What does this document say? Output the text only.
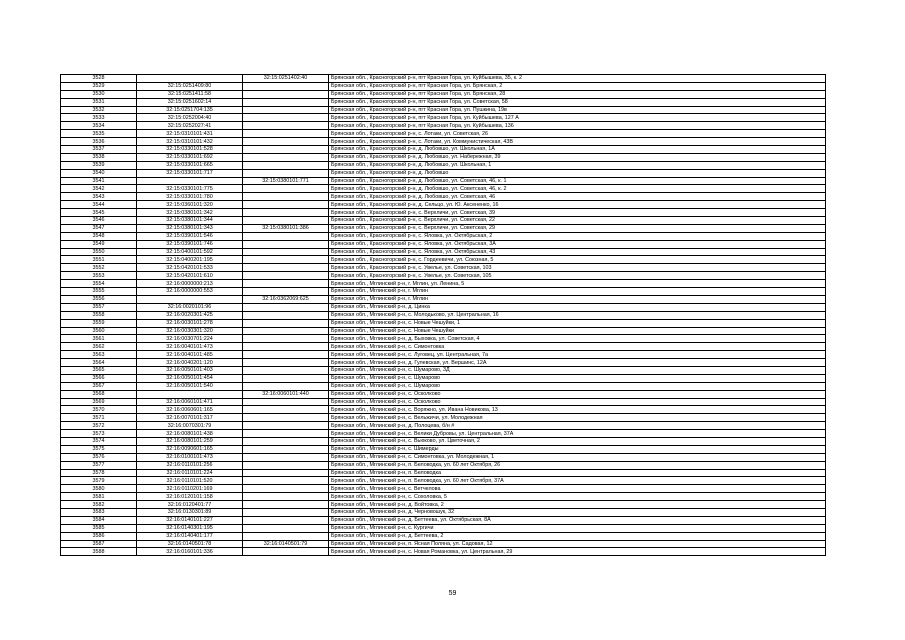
3528		32:15:0251402:40	Брянская обл., Красногорский р-н, пгт Красная Гора, ул. Куйбышева, 35, к. 2
3529	32:15:0251409:80		Брянская обл., Красногорский р-н, пгт Красная Гора, ул. Брянская, 2
3530	32:15:0251411:58		Брянская обл., Красногорский р-н, пгт Красная Гора, ул. Брянская, 28
3531	32:15:0251602:14		Брянская обл., Красногорский р-н, пгт Красная Гора, ул. Советская, 58
3532	32:15:0251704:135		Брянская обл., Красногорский р-н, пгт Красная Гора, ул. Пушкина, 19в
3533	32:15:0252004:40		Брянская обл., Красногорский р-н, пгт Красная Гора, ул. Куйбышева, 127 А
3534	32:15:0252027:41		Брянская обл., Красногорский р-н, пгт Красная Гора, ул. Куйбышева, 136
3535	32:15:0310101:431		Брянская обл., Красногорский р-н, с. Лотаки, ул. Советская, 26
3536	32:15:0310101:432		Брянская обл., Красногорский р-н, с. Лотаки, ул. Коммунистическая, 43В
3537	32:15:0330101:528		Брянская обл., Красногорский р-н, д. Любовшо, ул. Школьная, 1А
3538	32:15:0330101:692		Брянская обл., Красногорский р-н, д. Любовшо, ул. Набережная, 39
3539	32:15:0330101:665		Брянская обл., Красногорский р-н, д. Любовшо, ул. Школьная, 1
3540	32:15:0330101:717		Брянская обл., Красногорский р-н, д. Любовшо
3541		32:15:0380101:771	Брянская обл., Красногорский р-н, д. Любовшо, ул. Советская, 46, к. 1
3542	32:15:0330101:775		Брянская обл., Красногорский р-н, д. Любовшо, ул. Советская, 46, к. 2
3543	32:15:0330101:780		Брянская обл., Красногорский р-н, д. Любовшо, ул. Советская, 46
3544	32:15:0360101:320		Брянская обл., Красногорский р-н, д. Сельцо, ул. Ю. Аксененко, 16
3545	32:15:0380101:342		Брянская обл., Красногорский р-н, с. Верхличи, ул. Советская, 39
3546	32:15:0380101:344		Брянская обл., Красногорский р-н, с. Верхличи, ул. Советская, 22
3547	32:15:0380101:343	32:15:0380101:386	Брянская обл., Красногорский р-н, с. Верхличи, ул. Советская, 29
3548	32:15:0390101:546		Брянская обл., Красногорский р-н, с. Яловка, ул. Октябрьская, 2
3549	32:15:0390101:746		Брянская обл., Красногорский р-н, с. Яловка, ул. Октябрьская, 3А
3550	32:15:0400101:592		Брянская обл., Красногорский р-н, с. Яловка, ул. Октябрьская, 43
3551	32:15:0400201:195		Брянская обл., Красногорский р-н, с. Гордеевичи, ул. Союзная, 5
3552	32:15:0420101:533		Брянская обл., Красногорский р-н, с. Увелье, ул. Советская, 103
3553	32:15:0420101:610		Брянская обл., Красногорский р-н, с. Увелье, ул. Советская, 105
3554	32:16:0000000:213		Брянская обл., Мглинский р-н, г. Мглин, ул. Ленина, 5
3555	32:16:0000000:553		Брянская обл., Мглинский р-н, г. Мглин
3556		32:16:0362069:625	Брянская обл., Мглинский р-н, г. Мглин
3557	32:16:0020101:96		Брянская обл., Мглинский р-н, д. Цинка
3558	32:16:0020301:425		Брянская обл., Мглинский р-н, с. Молодьково, ул. Центральная, 16
3559	32:16:0030101:278		Брянская обл., Мглинский р-н, с. Новые Чешуйки, 1
3560	32:16:0030301:320		Брянская обл., Мглинский р-н, с. Новые Чешуйки
3561	32:16:0030701:224		Брянская обл., Мглинский р-н, д. Быховка, ул. Советская, 4
3562	32:16:0040101:473		Брянская обл., Мглинский р-н, с. Симонтовка
3563	32:16:0040101:485		Брянская обл., Мглинский р-н, с. Луговец, ул. Центральная, 7а
3564	32:16:0040201:120		Брянская обл., Мглинский р-н, д. Гулевская, ул. Вершинс, 12А
3565	32:16:0050101:403		Брянская обл., Мглинский р-н, с. Шумарово, 3Д
3566	32:16:0050101:454		Брянская обл., Мглинский р-н, с. Шумарово
3567	32:16:0050101:540		Брянская обл., Мглинский р-н, с. Шумарово
3568		32:16:0060101:440	Брянская обл., Мглинский р-н, с. Осколково
3569	32:16:0060101:471		Брянская обл., Мглинский р-н, с. Осколково
3570	32:16:0060601:165		Брянская обл., Мглинский р-н, с. Воряжно, ул. Ивана Новикова, 13
3571	32:16:0070101:317		Брянская обл., Мглинский р-н, с. Вельжичи, ул. Молодежная
3572	32:16:0070301:79		Брянская обл., Мглинский р-н, д. Полоцева, б/н #
3573	32:16:0080101:438		Брянская обл., Мглинский р-н, с. Велики Дубровы, ул. Центральная, 37А
3574	32:16:0080101:259		Брянская обл., Мглинский р-н, с. Вьюково, ул. Цветочная, 2
3575	32:16:0090601:165		Брянская обл., Мглинский р-н, с. Шимерды
3576	32:16:0100101:473		Брянская обл., Мглинский р-н, с. Симонтовка, ул. Молодежная, 1
3577	32:16:0110101:256		Брянская обл., Мглинский р-н, п. Беловодка, ул. 60 лет Октября, 26
3578	32:16:0110101:224		Брянская обл., Мглинский р-н, п. Беловодка
3579	32:16:0110101:520		Брянская обл., Мглинский р-н, п. Беловодка, ул. 60 лет Октября, 37А
3580	32:16:0110201:169		Брянская обл., Мглинский р-н, с. Ветчелова
3581	32:16:0120101:158		Брянская обл., Мглинский р-н, с. Сохоловка, 5
3582	32:16:0120401:77		Брянская обл., Мглинский р-н, д. Войтовка, 2
3583	32:16:0130301:89		Брянская обл., Мглинский р-н, д. Черновошук, 32
3584	32:16:0140101:227		Брянская обл., Мглинский р-н, д. Беттеева, ул. Октябрьская, 8А
3585	32:16:0140301:195		Брянская обл., Мглинский р-н, с. Кургичи
3586	32:16:0140401:177		Брянская обл., Мглинский р-н, д. Беттеева, 2
3587	32:16:0140501:78	32:16:0140501:79	Брянская обл., Мглинский р-н, п. Ясная Поляна, ул. Садовая, 12
3588	32:16:0160101:336		Брянская обл., Мглинский р-н, с. Новая Романовка, ул. Центральная, 29
59
